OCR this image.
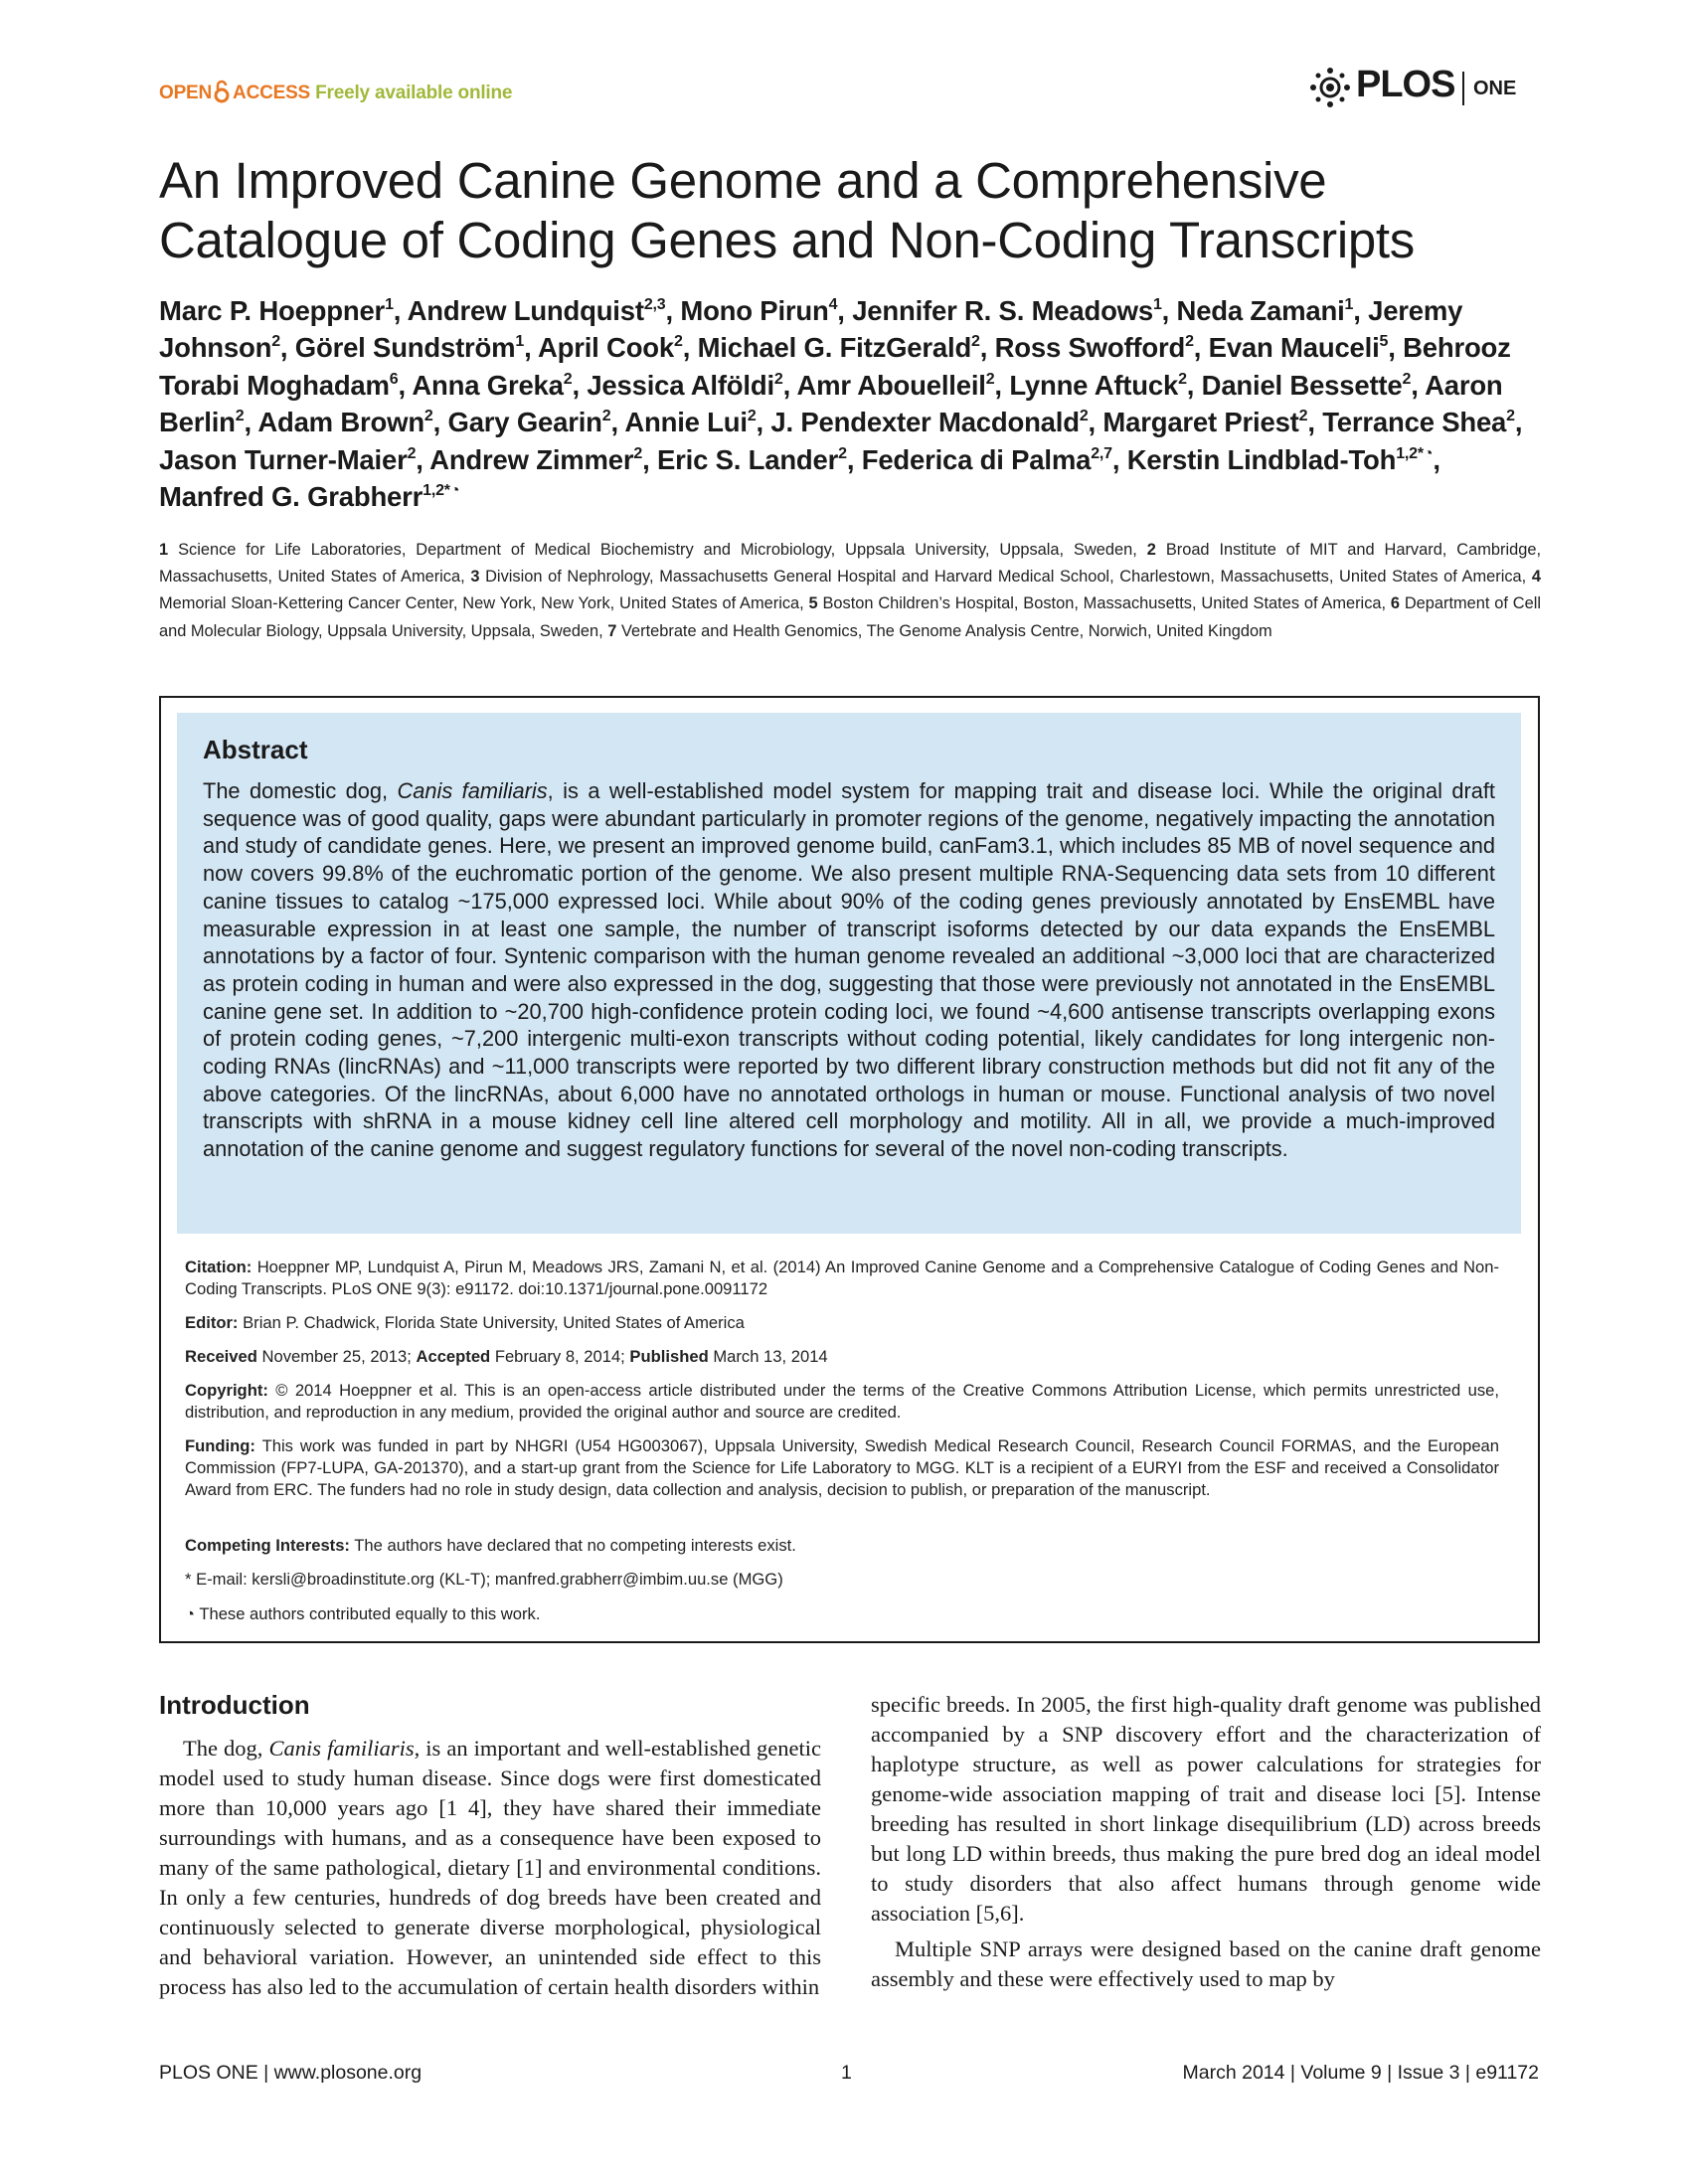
OPEN ACCESS Freely available online	PLOS ONE
An Improved Canine Genome and a Comprehensive Catalogue of Coding Genes and Non-Coding Transcripts
Marc P. Hoeppner$^1$, Andrew Lundquist$^{2,3}$, Mono Pirun$^4$, Jennifer R. S. Meadows$^1$, Neda Zamani$^1$, Jeremy Johnson$^2$, Görel Sundström$^1$, April Cook$^2$, Michael G. FitzGerald$^2$, Ross Swofford$^2$, Evan Mauceli$^5$, Behrooz Torabi Moghadam$^6$, Anna Greka$^2$, Jessica Alföldi$^2$, Amr Abouelleil$^2$, Lynne Aftuck$^2$, Daniel Bessette$^2$, Aaron Berlin$^2$, Adam Brown$^2$, Gary Gearin$^2$, Annie Lui$^2$, J. Pendexter Macdonald$^2$, Margaret Priest$^2$, Terrance Shea$^2$, Jason Turner-Maier$^2$, Andrew Zimmer$^2$, Eric S. Lander$^2$, Federica di Palma$^{2,7}$, Kerstin Lindblad-Toh$^{1,2*◔}$, Manfred G. Grabherr$^{1,2*◔}$
1 Science for Life Laboratories, Department of Medical Biochemistry and Microbiology, Uppsala University, Uppsala, Sweden, 2 Broad Institute of MIT and Harvard, Cambridge, Massachusetts, United States of America, 3 Division of Nephrology, Massachusetts General Hospital and Harvard Medical School, Charlestown, Massachusetts, United States of America, 4 Memorial Sloan-Kettering Cancer Center, New York, New York, United States of America, 5 Boston Children’s Hospital, Boston, Massachusetts, United States of America, 6 Department of Cell and Molecular Biology, Uppsala University, Uppsala, Sweden, 7 Vertebrate and Health Genomics, The Genome Analysis Centre, Norwich, United Kingdom
Abstract
The domestic dog, Canis familiaris, is a well-established model system for mapping trait and disease loci. While the original draft sequence was of good quality, gaps were abundant particularly in promoter regions of the genome, negatively impacting the annotation and study of candidate genes. Here, we present an improved genome build, canFam3.1, which includes 85 MB of novel sequence and now covers 99.8% of the euchromatic portion of the genome. We also present multiple RNA-Sequencing data sets from 10 different canine tissues to catalog ~175,000 expressed loci. While about 90% of the coding genes previously annotated by EnsEMBL have measurable expression in at least one sample, the number of transcript isoforms detected by our data expands the EnsEMBL annotations by a factor of four. Syntenic comparison with the human genome revealed an additional ~3,000 loci that are characterized as protein coding in human and were also expressed in the dog, suggesting that those were previously not annotated in the EnsEMBL canine gene set. In addition to ~20,700 high-confidence protein coding loci, we found ~4,600 antisense transcripts overlapping exons of protein coding genes, ~7,200 intergenic multi-exon transcripts without coding potential, likely candidates for long intergenic non-coding RNAs (lincRNAs) and ~11,000 transcripts were reported by two different library construction methods but did not fit any of the above categories. Of the lincRNAs, about 6,000 have no annotated orthologs in human or mouse. Functional analysis of two novel transcripts with shRNA in a mouse kidney cell line altered cell morphology and motility. All in all, we provide a much-improved annotation of the canine genome and suggest regulatory functions for several of the novel non-coding transcripts.
Citation: Hoeppner MP, Lundquist A, Pirun M, Meadows JRS, Zamani N, et al. (2014) An Improved Canine Genome and a Comprehensive Catalogue of Coding Genes and Non-Coding Transcripts. PLoS ONE 9(3): e91172. doi:10.1371/journal.pone.0091172
Editor: Brian P. Chadwick, Florida State University, United States of America
Received November 25, 2013; Accepted February 8, 2014; Published March 13, 2014
Copyright: © 2014 Hoeppner et al. This is an open-access article distributed under the terms of the Creative Commons Attribution License, which permits unrestricted use, distribution, and reproduction in any medium, provided the original author and source are credited.
Funding: This work was funded in part by NHGRI (U54 HG003067), Uppsala University, Swedish Medical Research Council, Research Council FORMAS, and the European Commission (FP7-LUPA, GA-201370), and a start-up grant from the Science for Life Laboratory to MGG. KLT is a recipient of a EURYI from the ESF and received a Consolidator Award from ERC. The funders had no role in study design, data collection and analysis, decision to publish, or preparation of the manuscript.
Competing Interests: The authors have declared that no competing interests exist.
* E-mail: kersli@broadinstitute.org (KL-T); manfred.grabherr@imbim.uu.se (MGG)
◔ These authors contributed equally to this work.
Introduction

The dog, Canis familiaris, is an important and well-established genetic model used to study human disease. Since dogs were first domesticated more than 10,000 years ago [1 4], they have shared their immediate surroundings with humans, and as a consequence have been exposed to many of the same pathological, dietary [1] and environmental conditions. In only a few centuries, hundreds of dog breeds have been created and continuously selected to generate diverse morphological, physiological and behavioral variation. However, an unintended side effect to this process has also led to the accumulation of certain health disorders within

specific breeds. In 2005, the first high-quality draft genome was published accompanied by a SNP discovery effort and the characterization of haplotype structure, as well as power calculations for strategies for genome-wide association mapping of trait and disease loci [5]. Intense breeding has resulted in short linkage disequilibrium (LD) across breeds but long LD within breeds, thus making the pure bred dog an ideal model to study disorders that also affect humans through genome wide association [5,6].

Multiple SNP arrays were designed based on the canine draft genome assembly and these were effectively used to map by

PLOS ONE | www.plosone.org	1	March 2014 | Volume 9 | Issue 3 | e91172
